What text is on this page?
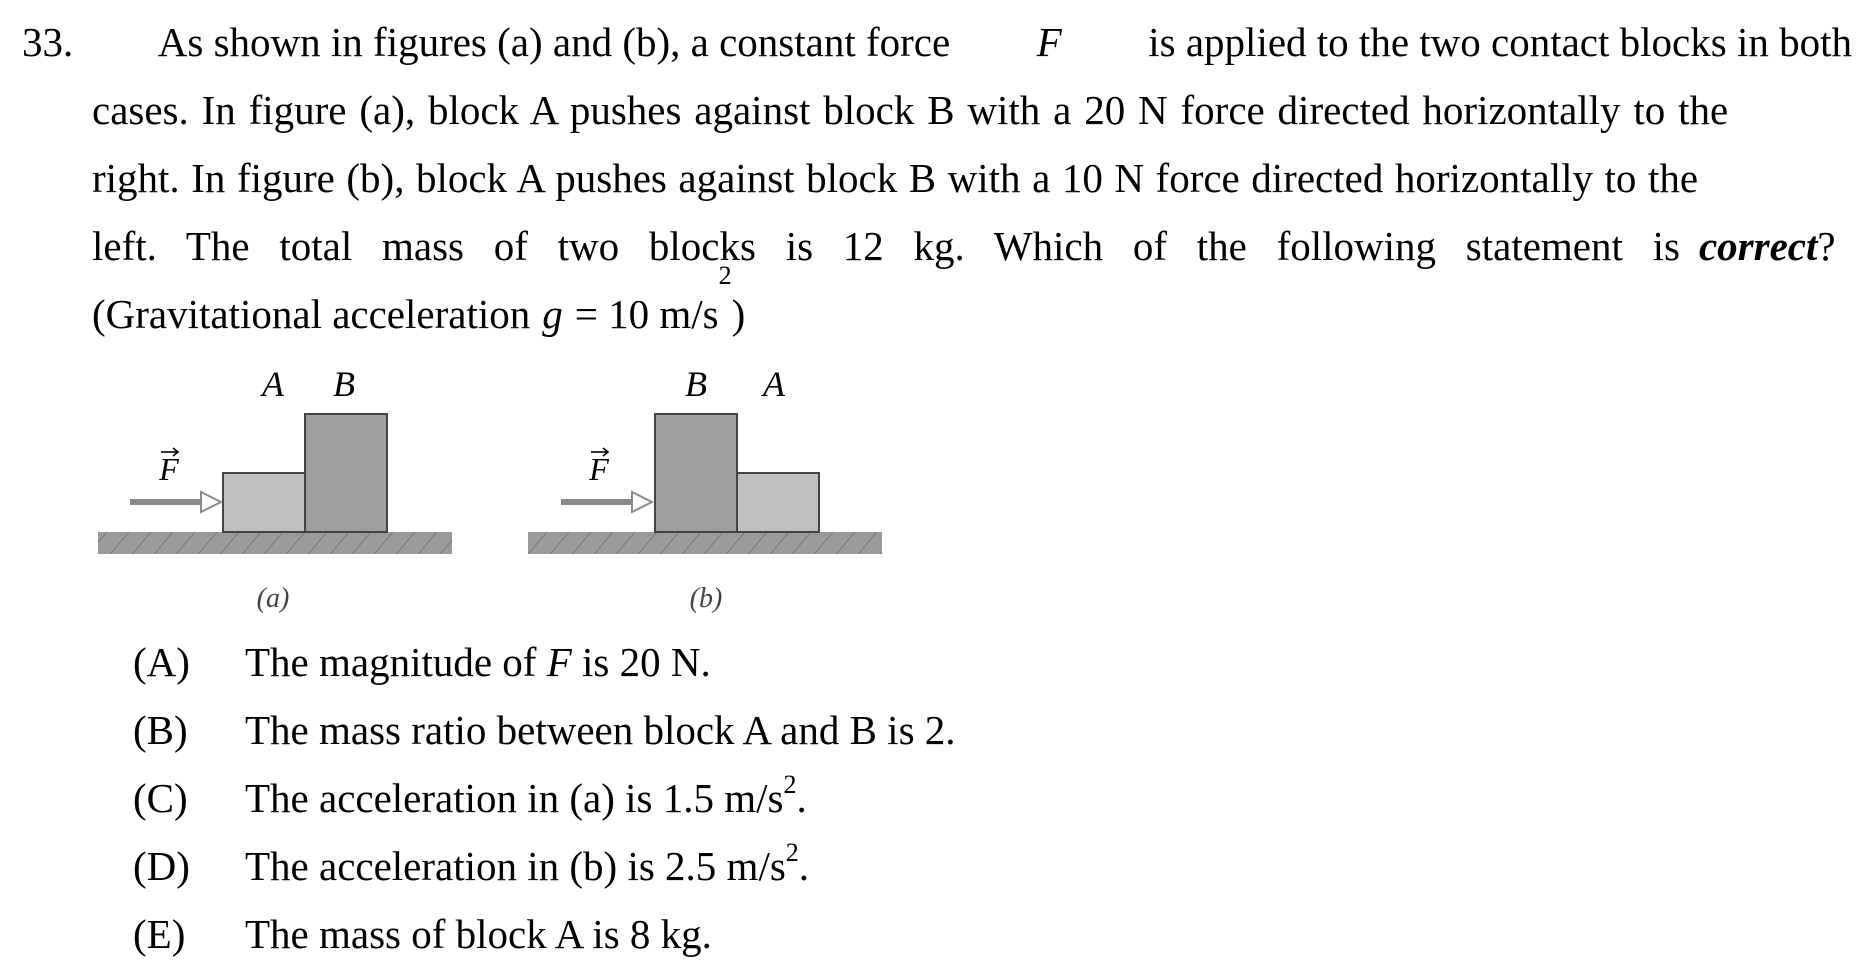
33. As shown in figures (a) and (b), a constant force F is applied to the two contact blocks in both
cases. In figure (a), block A pushes against block B with a 20 N force directed horizontally to the
right. In figure (b), block A pushes against block B with a 10 N force directed horizontally to the
left. The total mass of two blocks is 12 kg. Which of the following statement is correct ?
(Gravitational acceleration g = 10 m/s
$^2$
)
F
A B
(a)
F
B A
(b)
(A)	The magnitude of F is 20 N.
(B)	The mass ratio between block A and B is 2.
(C)	The acceleration in (a) is 1.5 $m/s^2$.
(D)	The acceleration in (b) is 2.5 $m/s^2$.
(E)	The mass of block A is 8 kg.
